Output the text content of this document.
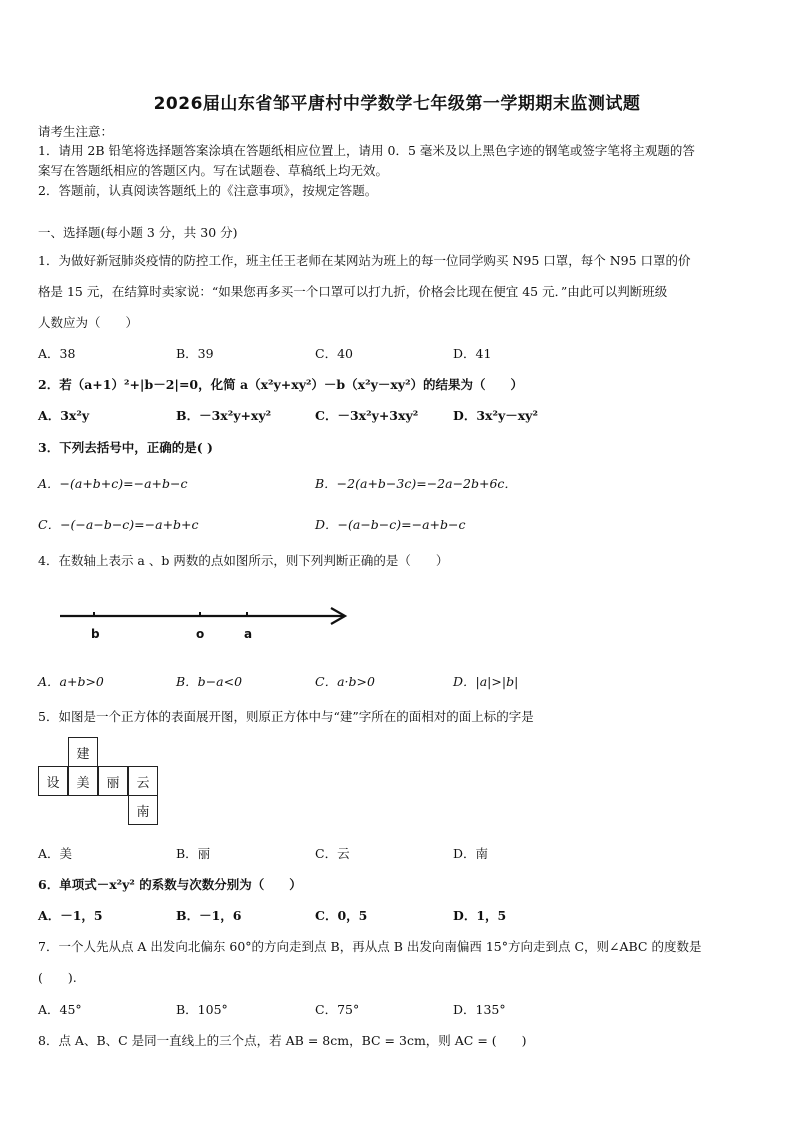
2026届山东省邹平唐村中学数学七年级第一学期期末监测试题
请考生注意：
1．请用 2B 铅笔将选择题答案涂填在答题纸相应位置上，请用 0．5 毫米及以上黑色字迹的钢笔或签字笔将主观题的答
案写在答题纸相应的答题区内。写在试题卷、草稿纸上均无效。
2．答题前，认真阅读答题纸上的《注意事项》，按规定答题。
一、选择题(每小题 3 分，共 30 分)
1．为做好新冠肺炎疫情的防控工作，班主任王老师在某网站为班上的每一位同学购买 N95 口罩，每个 N95 口罩的价
格是 15 元，在结算时卖家说：“如果您再多买一个口罩可以打九折，价格会比现在便宜 45 元．”由此可以判断班级
人数应为（　　）
A．38	B．39	C．40	D．41
2．若（a+1）²+|b－2|=0，化简 a（x²y+xy²）－b（x²y－xy²）的结果为（　　）
A．3x²y	B．－3x²y+xy²	C．－3x²y+3xy²	D．3x²y－xy²
3．下列去括号中，正确的是( )
A．−(a+b+c)=−a+b−c	B．−2(a+b−3c)=−2a−2b+6c．
C．−(−a−b−c)=−a+b+c	D．−(a−b−c)=−a+b−c
4．在数轴上表示 a 、b 两数的点如图所示，则下列判断正确的是（　　）
b	o	a
A．a+b>0	B．b−a<0	C．a·b>0	D．|a|>|b|
5．如图是一个正方体的表面展开图，则原正方体中与“建”字所在的面相对的面上标的字是
建
设	美	丽	云
南
A．美	B．丽	C．云	D．南
6．单项式－x²y² 的系数与次数分别为（　　）
A．－1，5	B．－1，6	C．0，5	D．1，5
7．一个人先从点 A 出发向北偏东 60°的方向走到点 B，再从点 B 出发向南偏西 15°方向走到点 C，则∠ABC 的度数是
(　　).
A．45°	B．105°	C．75°	D．135°
8．点 A、B、C 是同一直线上的三个点，若 AB = 8cm，BC = 3cm，则 AC = (　　)
